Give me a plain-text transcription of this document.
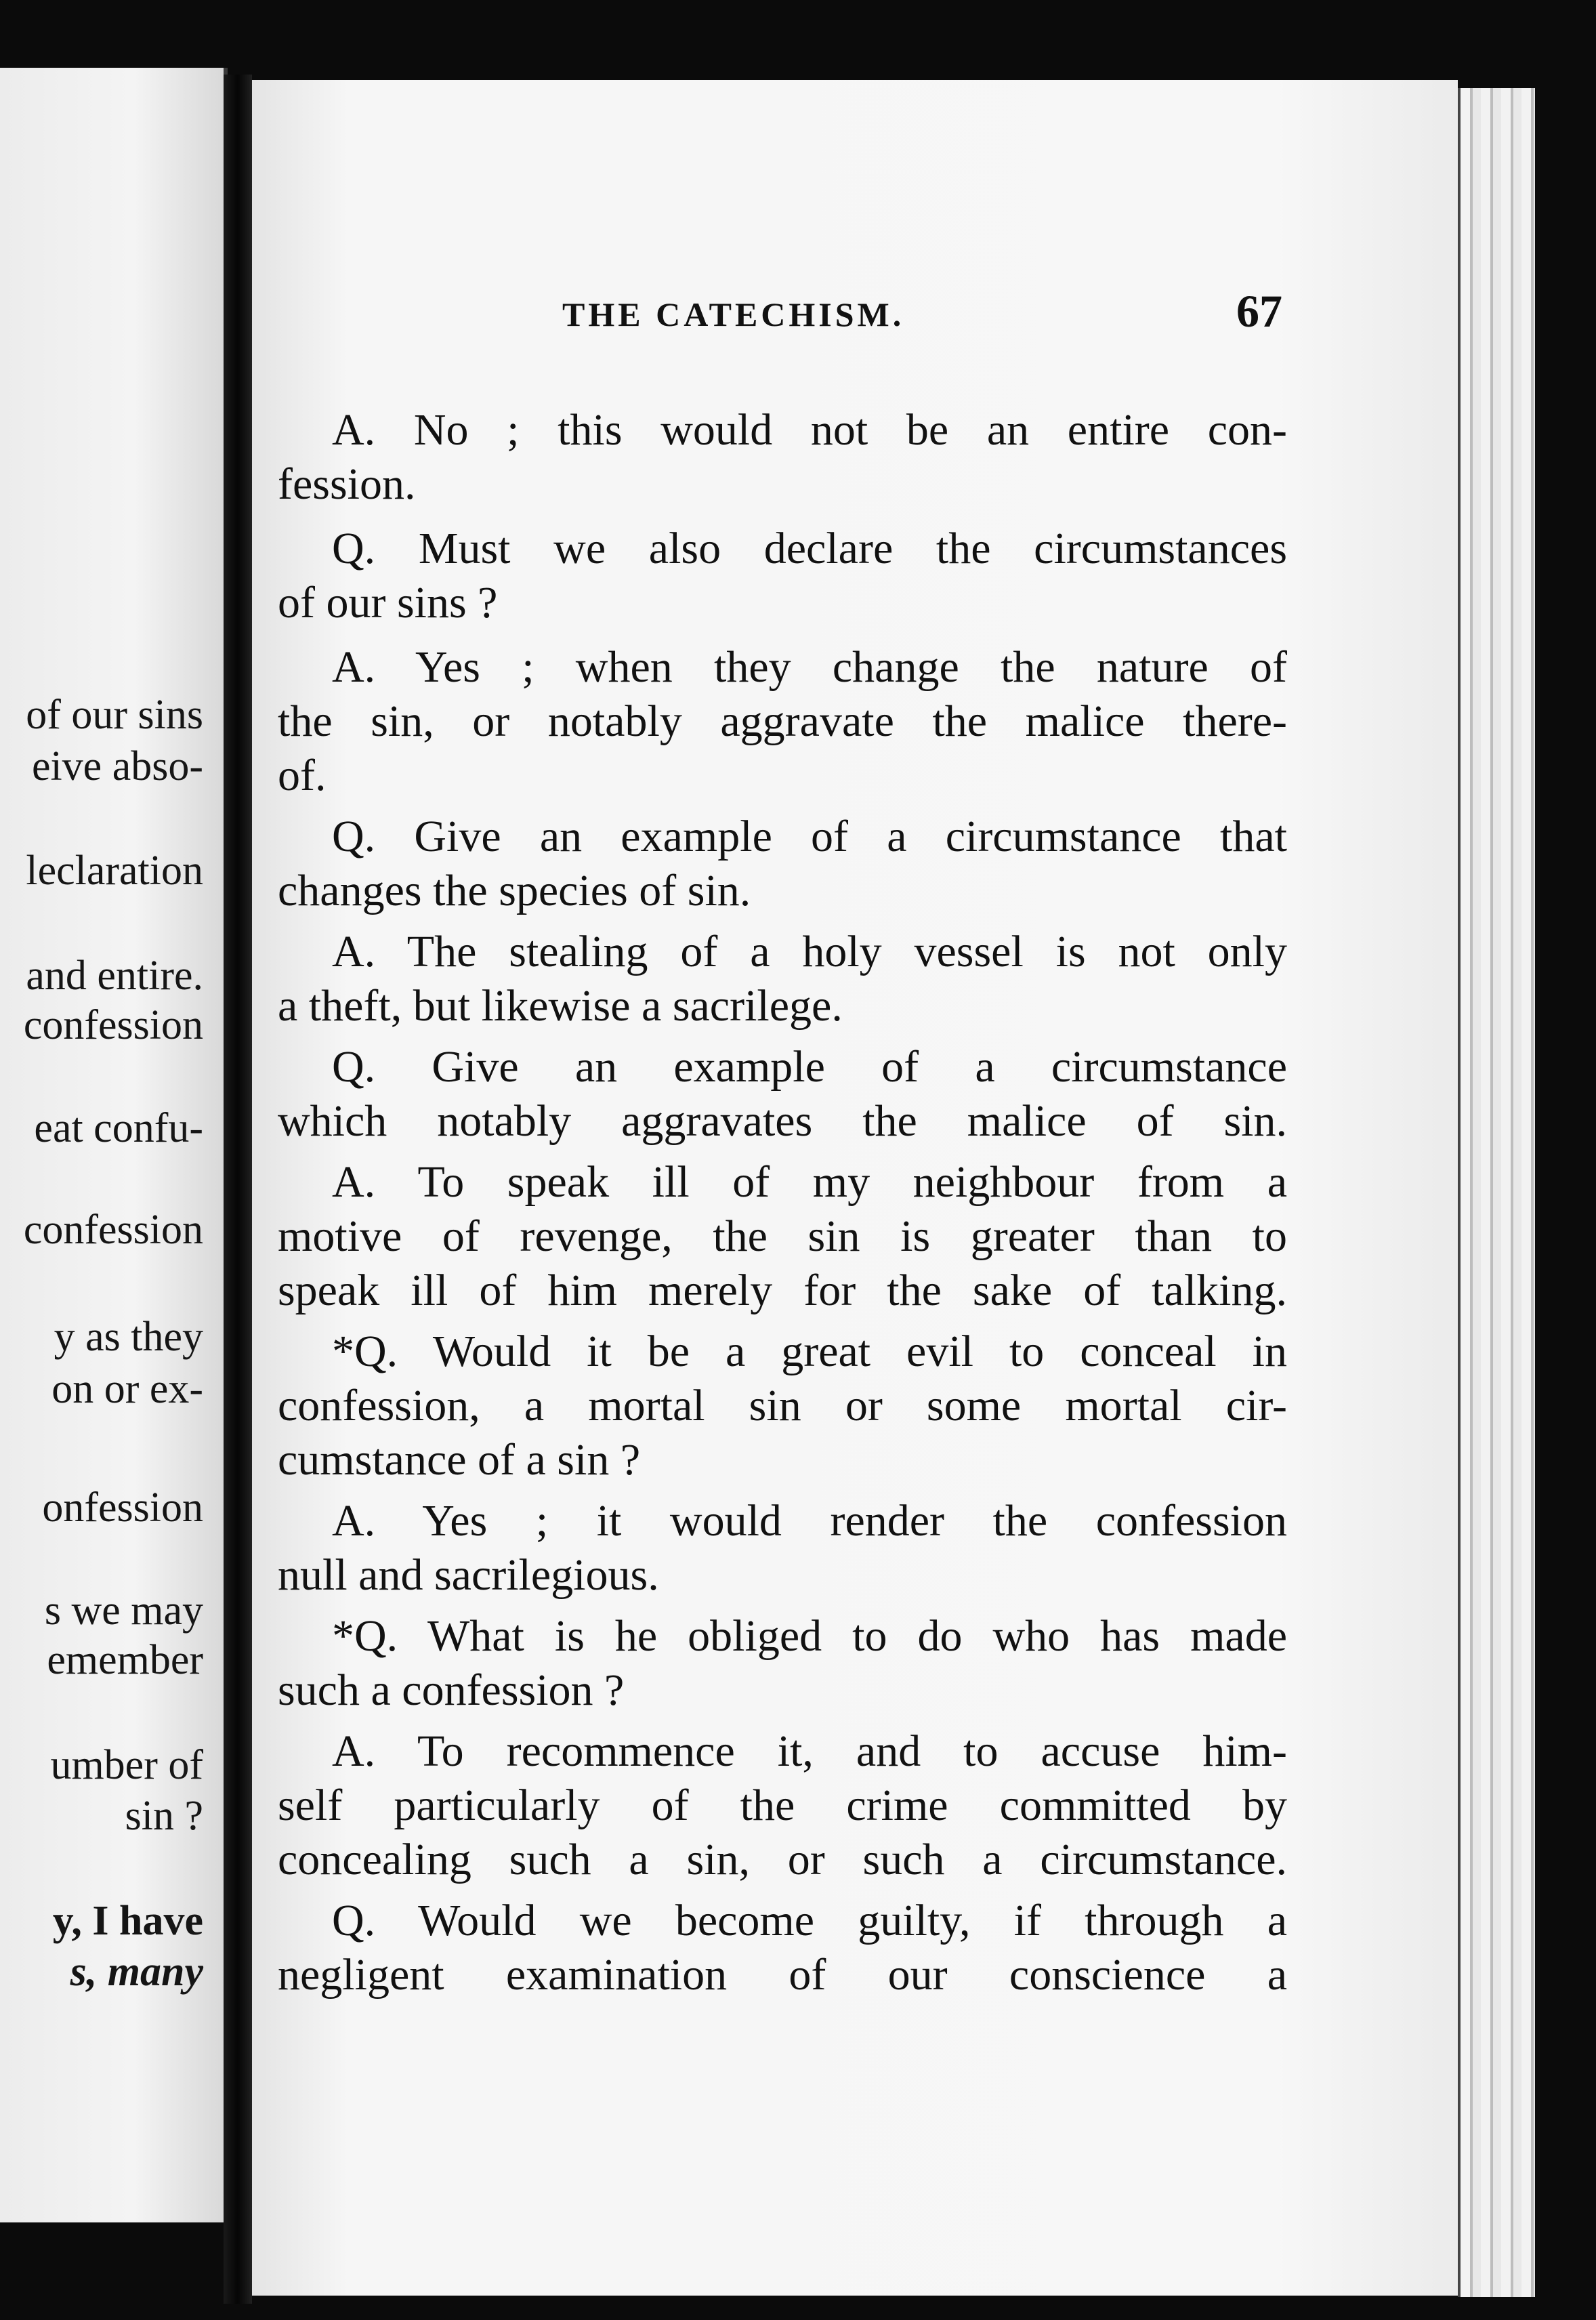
of our sins
eive abso-
leclaration
and entire.
confession
eat confu-
confession
y as they
on or ex-
onfession
s we may
emember
umber of
sin ?
y, I have
s, many
THE CATECHISM.	67
A. No ; this would not be an entire con-
fession.
Q. Must we also declare the circumstances
of our sins ?
A. Yes ; when they change the nature of
the sin, or notably aggravate the malice there-
of.
Q. Give an example of a circumstance that
changes the species of sin.
A. The stealing of a holy vessel is not only
a theft, but likewise a sacrilege.
Q. Give an example of a circumstance
which notably aggravates the malice of sin.
A. To speak ill of my neighbour from a
motive of revenge, the sin is greater than to
speak ill of him merely for the sake of talking.
*Q. Would it be a great evil to conceal in
confession, a mortal sin or some mortal cir-
cumstance of a sin ?
A. Yes ; it would render the confession
null and sacrilegious.
*Q. What is he obliged to do who has made
such a confession ?
A. To recommence it, and to accuse him-
self particularly of the crime committed by
concealing such a sin, or such a circumstance.
Q. Would we become guilty, if through a
negligent examination of our conscience a
